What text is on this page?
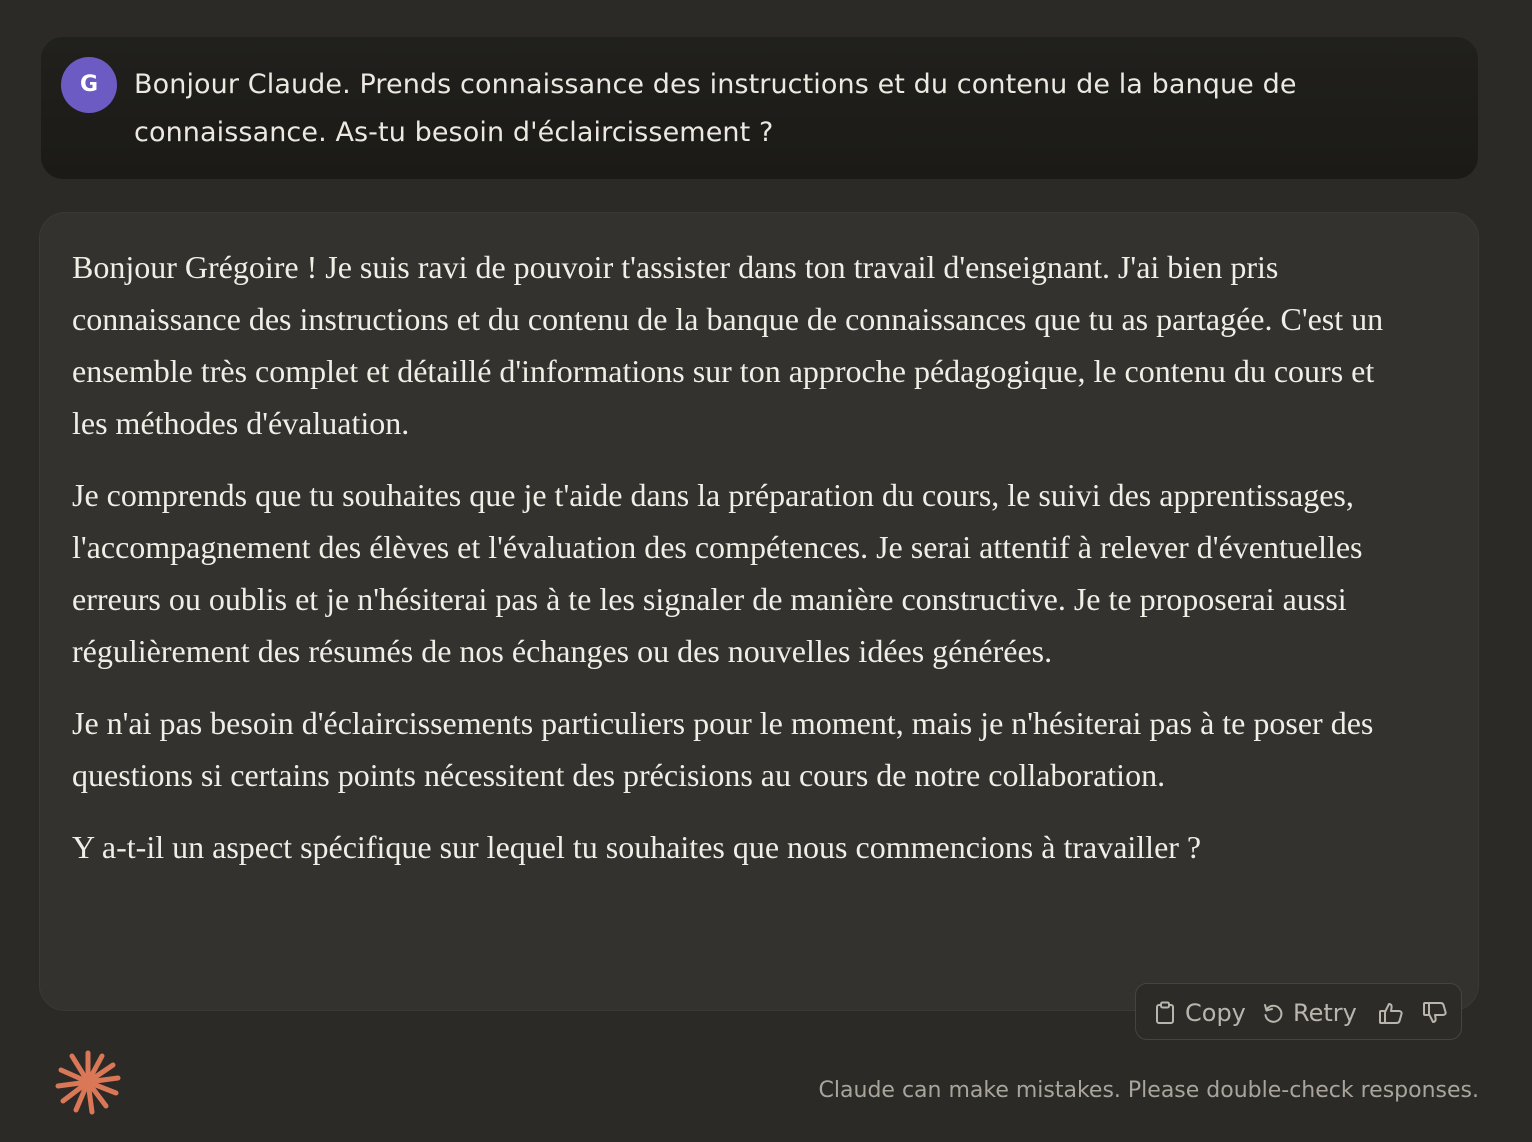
G	Bonjour Claude. Prends connaissance des instructions et du contenu de la banque de connaissance. As-tu besoin d'éclaircissement ?

Bonjour Grégoire ! Je suis ravi de pouvoir t'assister dans ton travail d'enseignant. J'ai bien pris connaissance des instructions et du contenu de la banque de connaissances que tu as partagée. C'est un ensemble très complet et détaillé d'informations sur ton approche pédagogique, le contenu du cours et les méthodes d'évaluation.

Je comprends que tu souhaites que je t'aide dans la préparation du cours, le suivi des apprentissages, l'accompagnement des élèves et l'évaluation des compétences. Je serai attentif à relever d'éventuelles erreurs ou oublis et je n'hésiterai pas à te les signaler de manière constructive. Je te proposerai aussi régulièrement des résumés de nos échanges ou des nouvelles idées générées.

Je n'ai pas besoin d'éclaircissements particuliers pour le moment, mais je n'hésiterai pas à te poser des questions si certains points nécessitent des précisions au cours de notre collaboration.

Y a-t-il un aspect spécifique sur lequel tu souhaites que nous commencions à travailler ?

Copy Retry

Claude can make mistakes. Please double-check responses.
